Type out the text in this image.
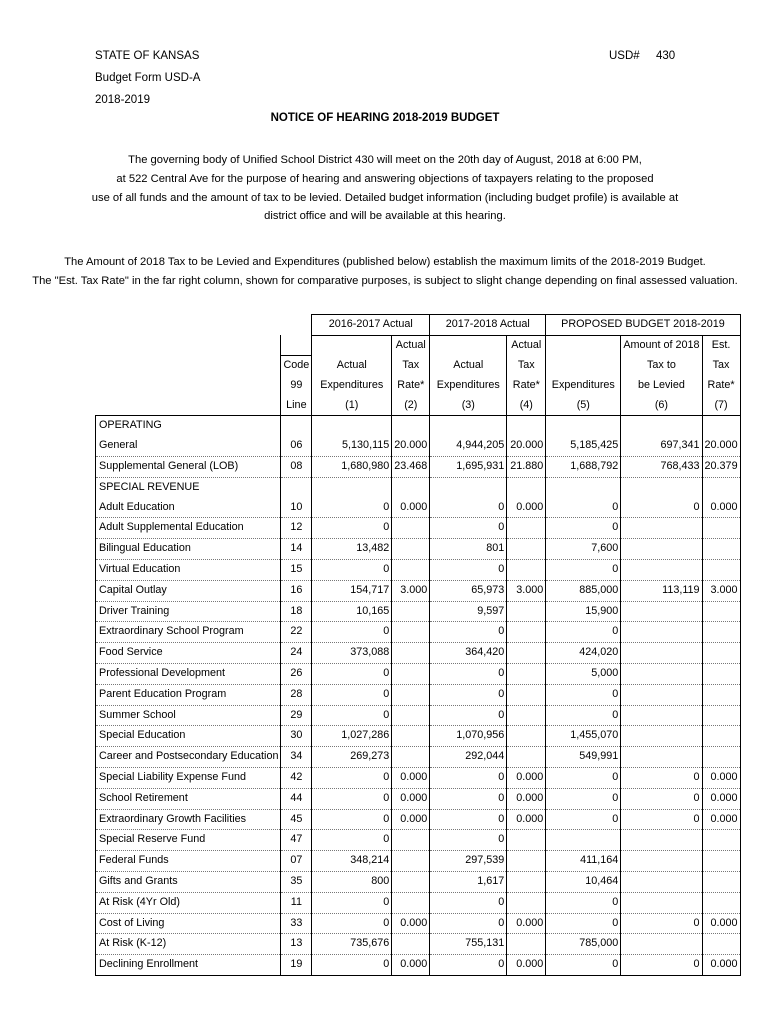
STATE OF KANSAS
Budget Form USD-A
2018-2019
USD# 430
NOTICE OF HEARING 2018-2019 BUDGET
The governing body of Unified School District 430 will meet on the 20th day of August, 2018 at 6:00 PM,
at 522 Central Ave for the purpose of hearing and answering objections of taxpayers relating to the proposed
use of all funds and the amount of tax to be levied. Detailed budget information (including budget profile) is available at
district office and will be available at this hearing.
The Amount of 2018 Tax to be Levied and Expenditures (published below) establish the maximum limits of the 2018-2019 Budget.
The "Est. Tax Rate" in the far right column, shown for comparative purposes, is subject to slight change depending on final assessed valuation.
		2016-2017 Actual		2017-2018 Actual		PROPOSED BUDGET 2018-2019		
			Actual		Actual		Amount of 2018	Est.
	Code	Actual	Tax	Actual	Tax		Tax to	Tax
	99	Expenditures	Rate*	Expenditures	Rate*	Expenditures	be Levied	Rate*
	Line	(1)	(2)	(3)	(4)	(5)	(6)	(7)
OPERATING								
General	06	5,130,115	20.000	4,944,205	20.000	5,185,425	697,341	20.000
Supplemental General (LOB)	08	1,680,980	23.468	1,695,931	21.880	1,688,792	768,433	20.379
SPECIAL REVENUE								
Adult Education	10	0	0.000	0	0.000	0	0	0.000
Adult Supplemental Education	12	0		0		0		
Bilingual Education	14	13,482		801		7,600		
Virtual Education	15	0		0		0		
Capital Outlay	16	154,717	3.000	65,973	3.000	885,000	113,119	3.000
Driver Training	18	10,165		9,597		15,900		
Extraordinary School Program	22	0		0		0		
Food Service	24	373,088		364,420		424,020		
Professional Development	26	0		0		5,000		
Parent Education Program	28	0		0		0		
Summer School	29	0		0		0		
Special Education	30	1,027,286		1,070,956		1,455,070		
Career and Postsecondary Education	34	269,273		292,044		549,991		
Special Liability Expense Fund	42	0	0.000	0	0.000	0	0	0.000
School Retirement	44	0	0.000	0	0.000	0	0	0.000
Extraordinary Growth Facilities	45	0	0.000	0	0.000	0	0	0.000
Special Reserve Fund	47	0		0				
Federal Funds	07	348,214		297,539		411,164		
Gifts and Grants	35	800		1,617		10,464		
At Risk (4Yr Old)	11	0		0		0		
Cost of Living	33	0	0.000	0	0.000	0	0	0.000
At Risk (K-12)	13	735,676		755,131		785,000		
Declining Enrollment	19	0	0.000	0	0.000	0	0	0.000
